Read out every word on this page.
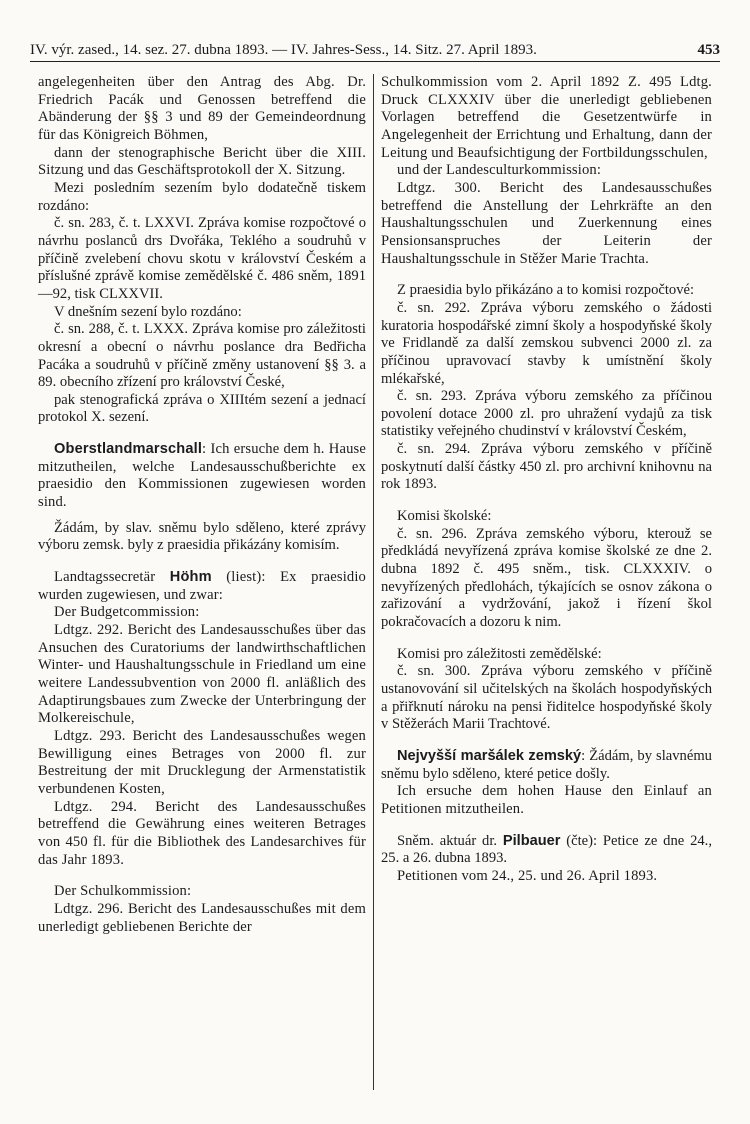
IV. výr. zased., 14. sez. 27. dubna 1893. — IV. Jahres-Sess., 14. Sitz. 27. April 1893.	453

angelegenheiten über den Antrag des Abg. Dr. Friedrich Pacák und Genossen betreffend die Abänderung der §§ 3 und 89 der Gemeindeordnung für das Königreich Böhmen,

dann der stenographische Bericht über die XIII. Sitzung und das Geschäftsprotokoll der X. Sitzung.

Mezi posledním sezením bylo dodatečně tiskem rozdáno:

č. sn. 283, č. t. LXXVI. Zpráva komise rozpočtové o návrhu poslanců drs Dvořáka, Teklého a soudruhů v příčině zvelebení chovu skotu v království Českém a příslušné zprávě komise zemědělské č. 486 sněm, 1891—92, tisk CLXXVII.

V dnešním sezení bylo rozdáno:

č. sn. 288, č. t. LXXX. Zpráva komise pro záležitosti okresní a obecní o návrhu poslance dra Bedřicha Pacáka a soudruhů v příčině změny ustanovení §§ 3. a 89. obecního zřízení pro království České,

pak stenografická zpráva o XIIItém sezení a jednací protokol X. sezení.

Oberstlandmarschall: Ich ersuche dem h. Hause mitzutheilen, welche Landesausschußberichte ex praesidio den Kommissionen zugewiesen worden sind.

Žádám, by slav. sněmu bylo sděleno, které zprávy výboru zemsk. byly z praesidia přikázány komisím.

Landtagssecretär Höhm (liest): Ex praesidio wurden zugewiesen, und zwar:

Der Budgetcommission:

Ldtgz. 292. Bericht des Landesausschußes über das Ansuchen des Curatoriums der landwirthschaftlichen Winter- und Haushaltungsschule in Friedland um eine weitere Landessubvention von 2000 fl. anläßlich des Adaptirungsbaues zum Zwecke der Unterbringung der Molkereischule,

Ldtgz. 293. Bericht des Landesausschußes wegen Bewilligung eines Betrages von 2000 fl. zur Bestreitung der mit Drucklegung der Armenstatistik verbundenen Kosten,

Ldtgz. 294. Bericht des Landesausschußes betreffend die Gewährung eines weiteren Betrages von 450 fl. für die Bibliothek des Landesarchives für das Jahr 1893.

Der Schulkommission:

Ldtgz. 296. Bericht des Landesausschußes mit dem unerledigt gebliebenen Berichte der

Schulkommission vom 2. April 1892 Z. 495 Ldtg. Druck CLXXXIV über die unerledigt gebliebenen Vorlagen betreffend die Gesetzentwürfe in Angelegenheit der Errichtung und Erhaltung, dann der Leitung und Beaufsichtigung der Fortbildungsschulen,

und der Landesculturkommission:

Ldtgz. 300. Bericht des Landesausschußes betreffend die Anstellung der Lehrkräfte an den Haushaltungsschulen und Zuerkennung eines Pensionsanspruches der Leiterin der Haushaltungsschule in Stěžer Marie Trachta.

Z praesidia bylo přikázáno a to komisi rozpočtové:

č. sn. 292. Zpráva výboru zemského o žádosti kuratoria hospodářské zimní školy a hospodyňské školy ve Fridlandě za další zemskou subvenci 2000 zl. za příčinou upravovací stavby k umístnění školy mlékařské,

č. sn. 293. Zpráva výboru zemského za příčinou povolení dotace 2000 zl. pro uhražení vydajů za tisk statistiky veřejného chudinství v království Českém,

č. sn. 294. Zpráva výboru zemského v příčině poskytnutí další částky 450 zl. pro archivní knihovnu na rok 1893.

Komisi školské:

č. sn. 296. Zpráva zemského výboru, kterouž se předkládá nevyřízená zpráva komise školské ze dne 2. dubna 1892 č. 495 sněm., tisk. CLXXXIV. o nevyřízených předlohách, týkajících se osnov zákona o zařizování a vydržování, jakož i řízení škol pokračovacích a dozoru k nim.

Komisi pro záležitosti zemědělské:

č. sn. 300. Zpráva výboru zemského v příčině ustanovování sil učitelských na školách hospodyňských a přiřknutí nároku na pensi řiditelce hospodyňské školy v Stěžerách Marii Trachtové.

Nejvyšší maršálek zemský: Žádám, by slavnému sněmu bylo sděleno, které petice došly.

Ich ersuche dem hohen Hause den Einlauf an Petitionen mitzutheilen.

Sněm. aktuár dr. Pilbauer (čte): Petice ze dne 24., 25. a 26. dubna 1893.

Petitionen vom 24., 25. und 26. April 1893.
